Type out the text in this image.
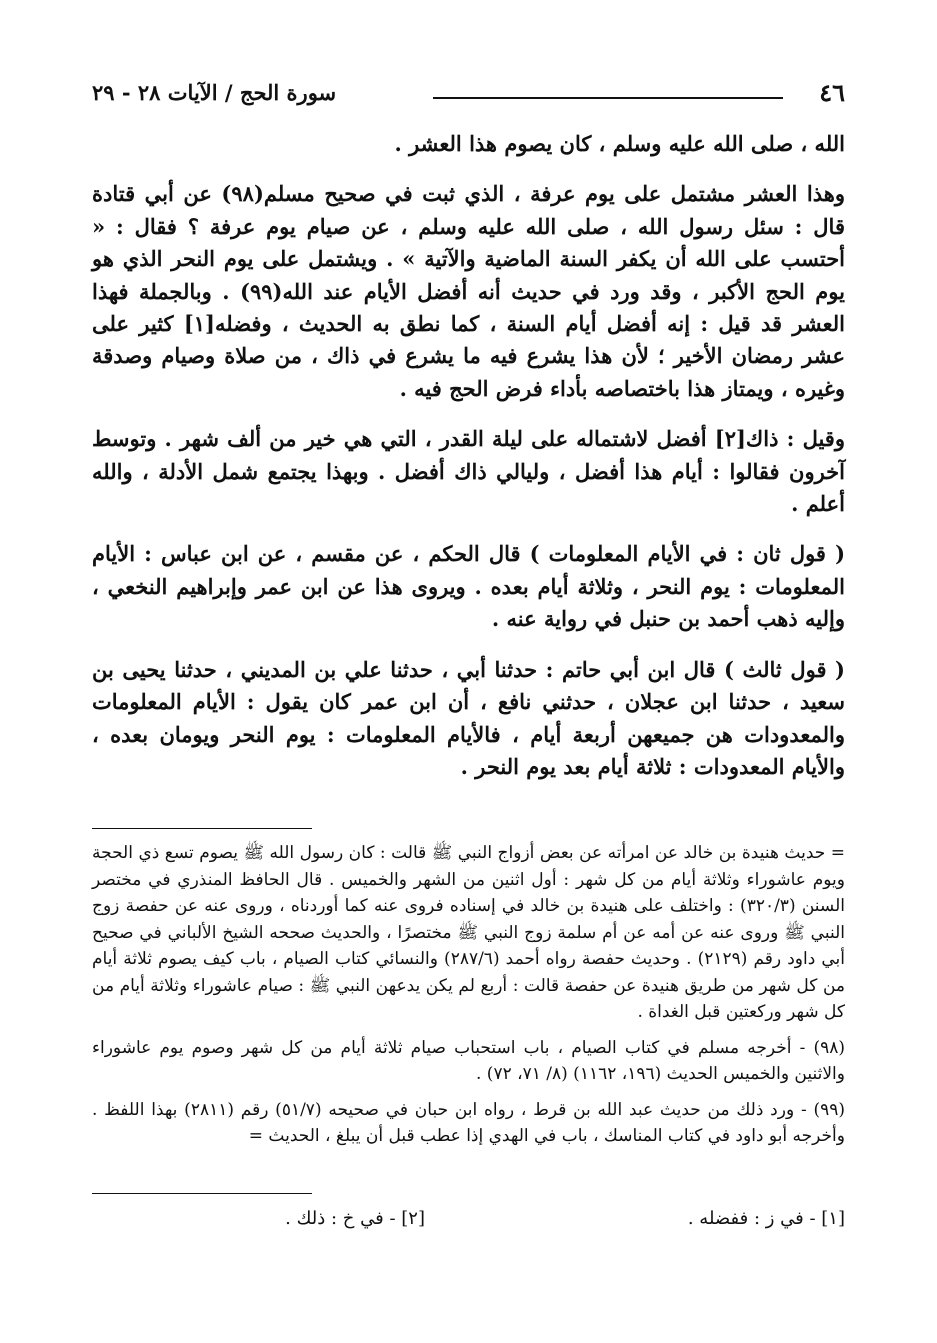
٤٦
سورة الحج / الآيات ٢٨ - ٢٩

الله ، صلى الله عليه وسلم ، كان يصوم هذا العشر .

وهذا العشر مشتمل على يوم عرفة ، الذي ثبت في صحيح مسلم(٩٨) عن أبي قتادة قال : سئل رسول الله ، صلى الله عليه وسلم ، عن صيام يوم عرفة ؟ فقال : « أحتسب على الله أن يكفر السنة الماضية والآتية » . ويشتمل على يوم النحر الذي هو يوم الحج الأكبر ، وقد ورد في حديث أنه أفضل الأيام عند الله(٩٩) . وبالجملة فهذا العشر قد قيل : إنه أفضل أيام السنة ، كما نطق به الحديث ، وفضله[١] كثير على عشر رمضان الأخير ؛ لأن هذا يشرع فيه ما يشرع في ذاك ، من صلاة وصيام وصدقة وغيره ، ويمتاز هذا باختصاصه بأداء فرض الحج فيه .

وقيل : ذاك[٢] أفضل لاشتماله على ليلة القدر ، التي هي خير من ألف شهر . وتوسط آخرون فقالوا : أيام هذا أفضل ، وليالي ذاك أفضل . وبهذا يجتمع شمل الأدلة ، والله أعلم .

( قول ثان : في الأيام المعلومات ) قال الحكم ، عن مقسم ، عن ابن عباس : الأيام المعلومات : يوم النحر ، وثلاثة أيام بعده . ويروى هذا عن ابن عمر وإبراهيم النخعي ، وإليه ذهب أحمد بن حنبل في رواية عنه .

( قول ثالث ) قال ابن أبي حاتم : حدثنا أبي ، حدثنا علي بن المديني ، حدثنا يحيى بن سعيد ، حدثنا ابن عجلان ، حدثني نافع ، أن ابن عمر كان يقول : الأيام المعلومات والمعدودات هن جميعهن أربعة أيام ، فالأيام المعلومات : يوم النحر ويومان بعده ، والأيام المعدودات : ثلاثة أيام بعد يوم النحر .

= حديث هنيدة بن خالد عن امرأته عن بعض أزواج النبي ﷺ قالت : كان رسول الله ﷺ يصوم تسع ذي الحجة ويوم عاشوراء وثلاثة أيام من كل شهر : أول اثنين من الشهر والخميس . قال الحافظ المنذري في مختصر السنن (٣٢٠/٣) : واختلف على هنيدة بن خالد في إسناده فروى عنه كما أوردناه ، وروى عنه عن حفصة زوج النبي ﷺ وروى عنه عن أمه عن أم سلمة زوج النبي ﷺ مختصرًا ، والحديث صححه الشيخ الألباني في صحيح أبي داود رقم (٢١٢٩) . وحديث حفصة رواه أحمد (٢٨٧/٦) والنسائي كتاب الصيام ، باب كيف يصوم ثلاثة أيام من كل شهر من طريق هنيدة عن حفصة قالت : أربع لم يكن يدعهن النبي ﷺ : صيام عاشوراء وثلاثة أيام من كل شهر وركعتين قبل الغداة .

(٩٨) - أخرجه مسلم في كتاب الصيام ، باب استحباب صيام ثلاثة أيام من كل شهر وصوم يوم عاشوراء والاثنين والخميس الحديث (١٩٦، ١١٦٢) (٨/ ٧١، ٧٢) .

(٩٩) - ورد ذلك من حديث عبد الله بن قرط ، رواه ابن حبان في صحيحه (٥١/٧) رقم (٢٨١١) بهذا اللفظ . وأخرجه أبو داود في كتاب المناسك ، باب في الهدي إذا عطب قبل أن يبلغ ، الحديث =

[١] - في ز : ففضله .
[٢] - في خ : ذلك .
